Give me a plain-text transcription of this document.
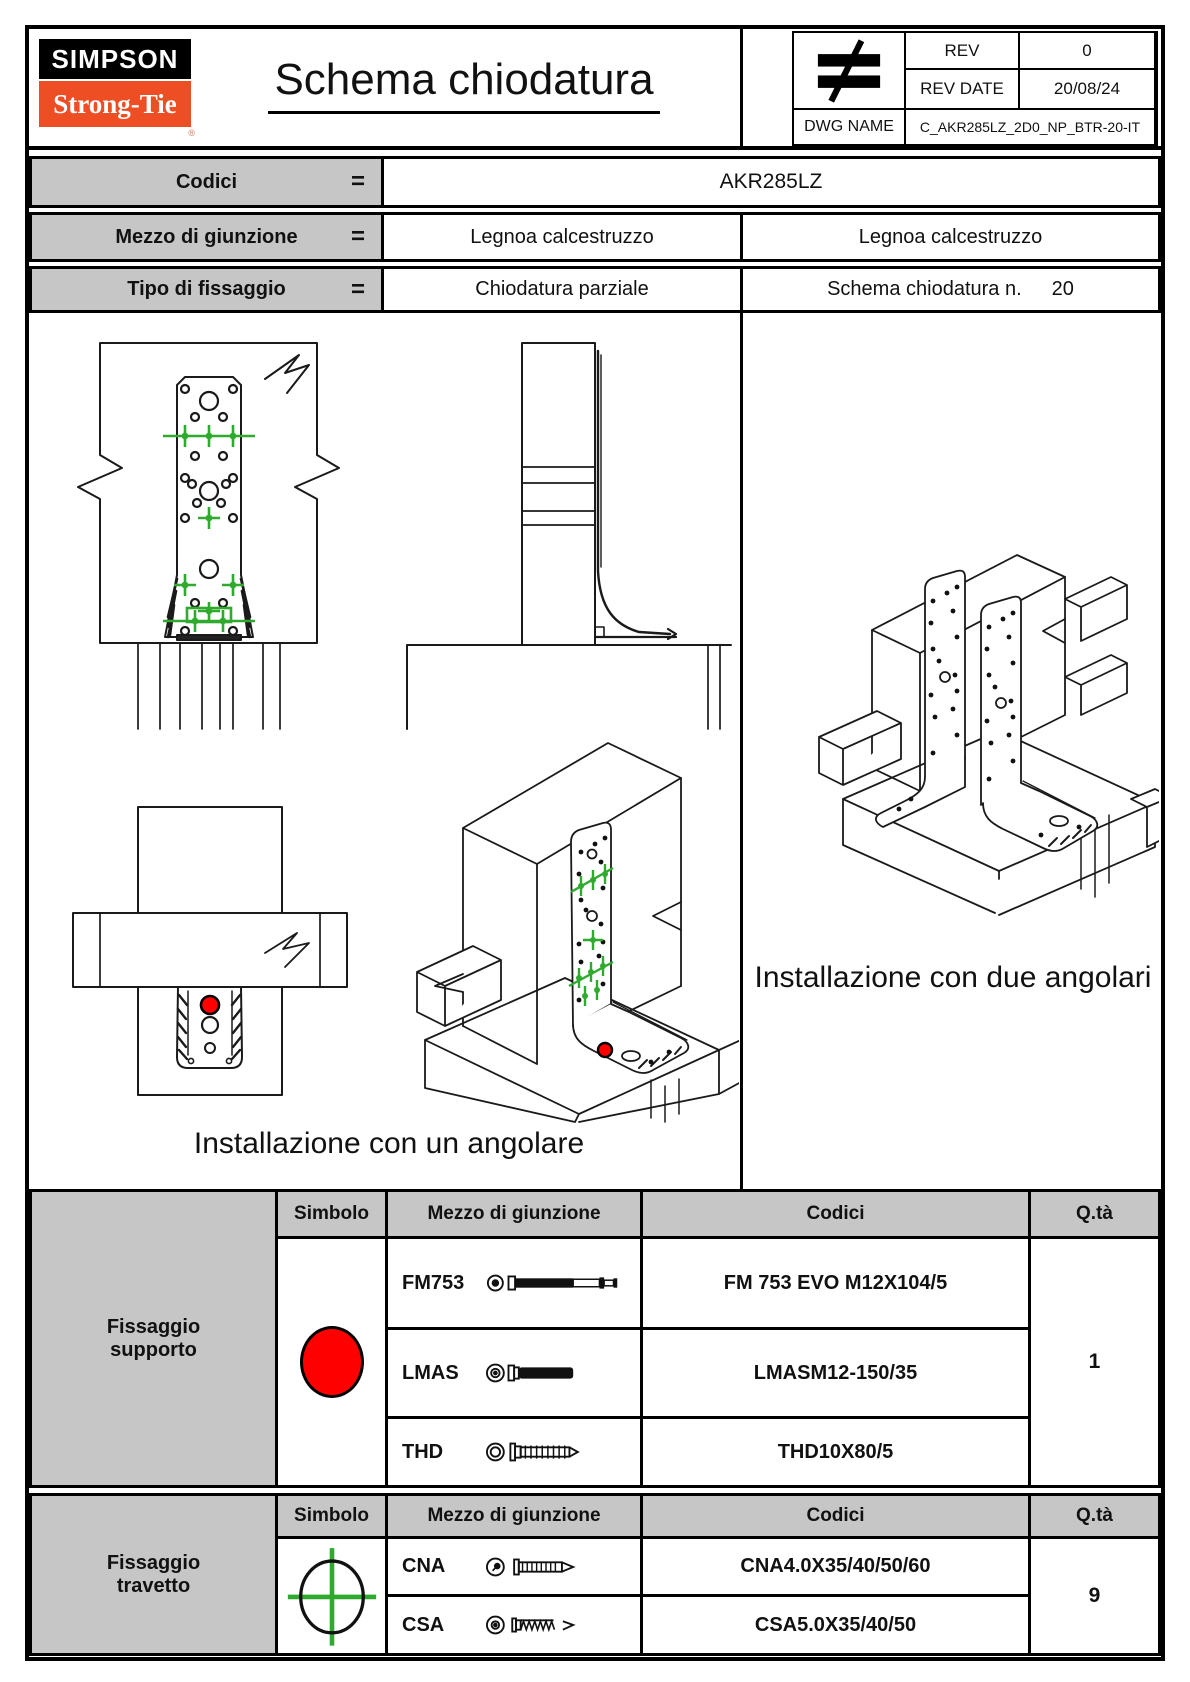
SIMPSON
Strong-Tie
®
Schema chiodatura
REV	0
REV DATE	20/08/24
DWG NAME	C_AKR285LZ_2D0_NP_BTR-20-IT
Codici	=	AKR285LZ
Mezzo di giunzione =	Legnoa calcestruzzo	Legnoa calcestruzzo
Tipo di fissaggio	=	Chiodatura parziale	Schema chiodatura n. 20
Installazione con un angolare
Installazione con due angolari
Fissaggio supporto
Simbolo	Mezzo di giunzione	Codici	Q.tà
FM753	FM 753 EVO M12X104/5
1
LMAS	LMASM12-150/35
THD	THD10X80/5
Fissaggio travetto
Simbolo	Mezzo di giunzione	Codici	Q.tà
CNA	CNA4.0X35/40/50/60
9
CSA	CSA5.0X35/40/50
